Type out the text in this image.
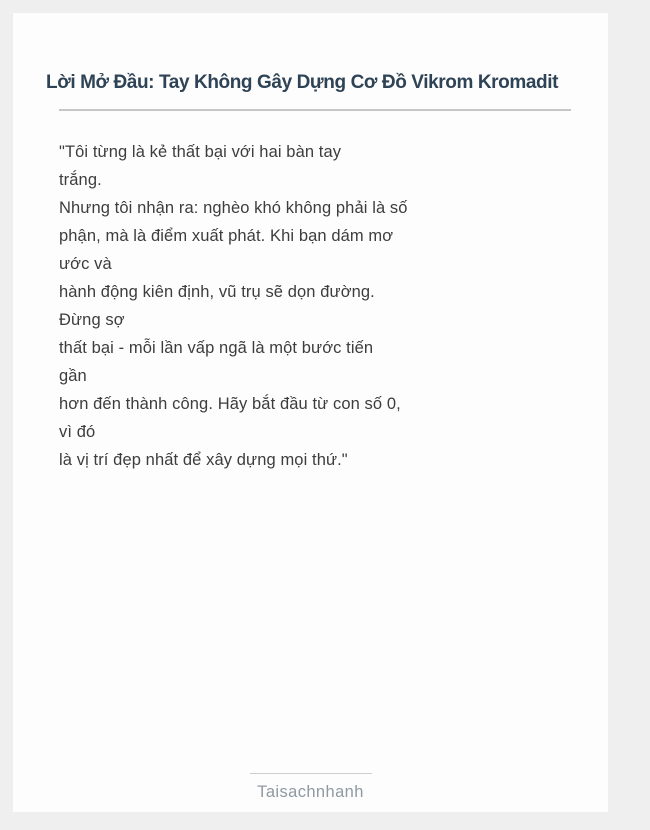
Lời Mở Đầu: Tay Không Gây Dựng Cơ Đồ Vikrom Kromadit
"Tôi từng là kẻ thất bại với hai bàn tay
trắng.
Nhưng tôi nhận ra: nghèo khó không phải là số
phận, mà là điểm xuất phát. Khi bạn dám mơ
ước và
hành động kiên định, vũ trụ sẽ dọn đường.
Đừng sợ
thất bại - mỗi lần vấp ngã là một bước tiến
gần
hơn đến thành công. Hãy bắt đầu từ con số 0,
vì đó
là vị trí đẹp nhất để xây dựng mọi thứ."
Taisachnhanh
